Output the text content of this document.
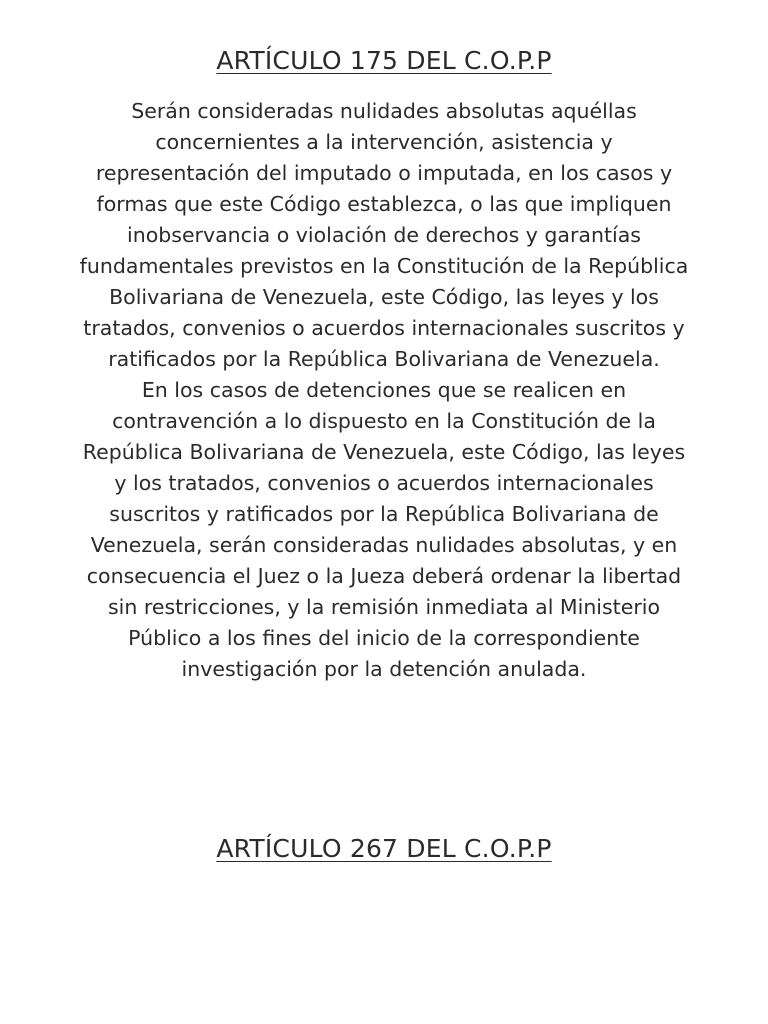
ARTÍCULO 175 DEL C.O.P.P
Serán consideradas nulidades absolutas aquéllas
concernientes a la intervención, asistencia y
representación del imputado o imputada, en los casos y
formas que este Código establezca, o las que impliquen
inobservancia o violación de derechos y garantías
fundamentales previstos en la Constitución de la República
Bolivariana de Venezuela, este Código, las leyes y los
tratados, convenios o acuerdos internacionales suscritos y
ratificados por la República Bolivariana de Venezuela.
En los casos de detenciones que se realicen en
contravención a lo dispuesto en la Constitución de la
República Bolivariana de Venezuela, este Código, las leyes
y los tratados, convenios o acuerdos internacionales
suscritos y ratificados por la República Bolivariana de
Venezuela, serán consideradas nulidades absolutas, y en
consecuencia el Juez o la Jueza deberá ordenar la libertad
sin restricciones, y la remisión inmediata al Ministerio
Público a los fines del inicio de la correspondiente
investigación por la detención anulada.
ARTÍCULO 267 DEL C.O.P.P
